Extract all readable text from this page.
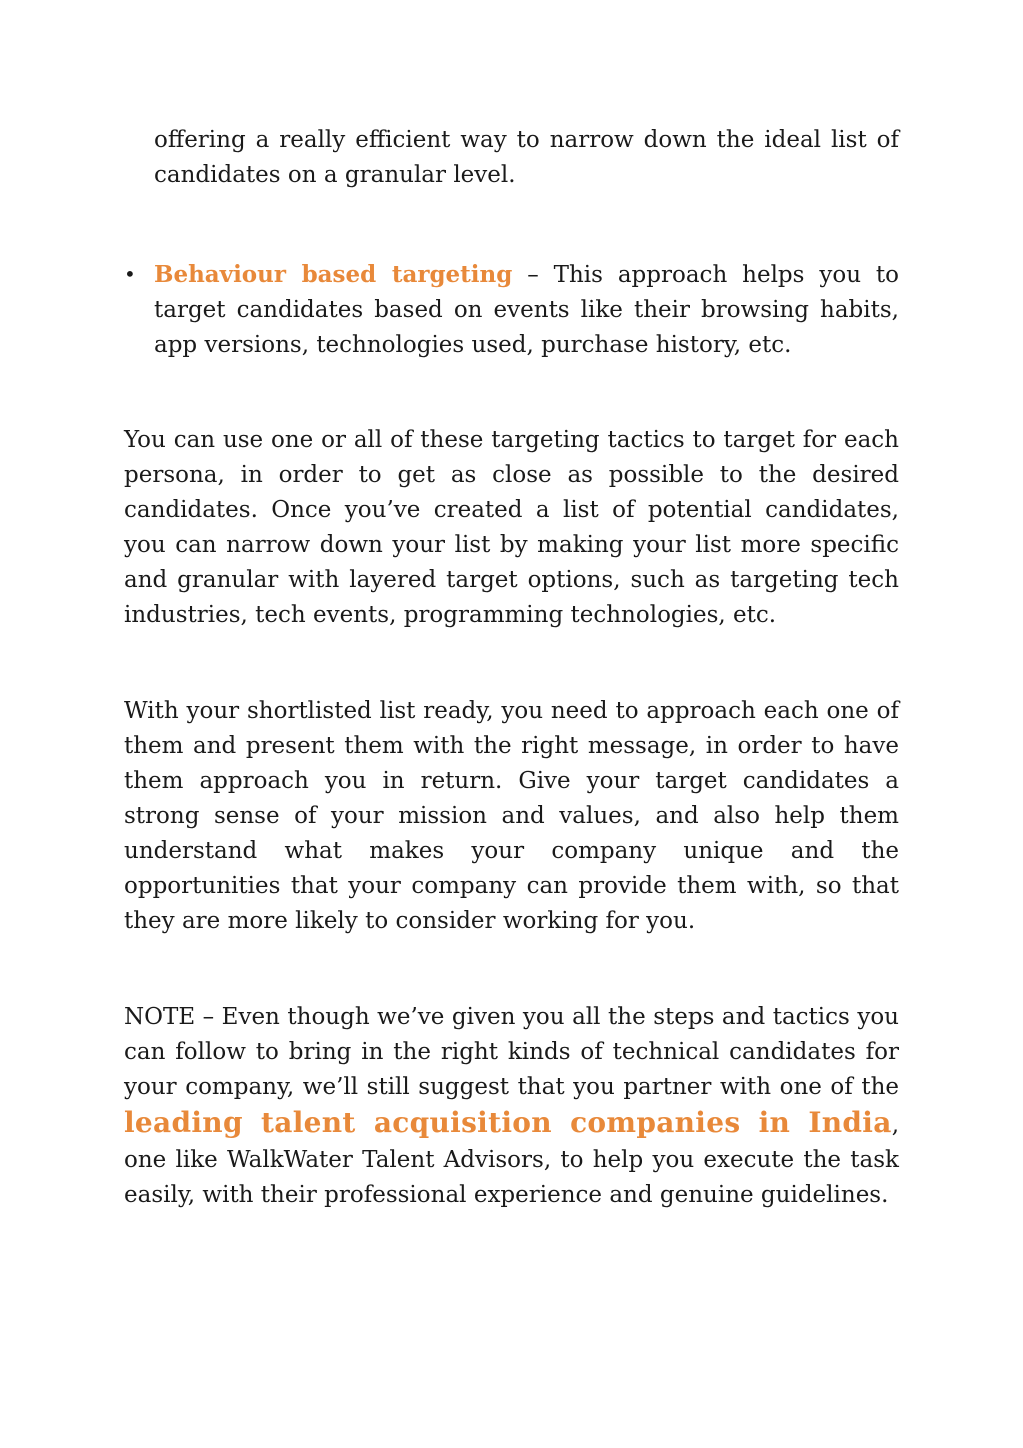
offering a really efficient way to narrow down the ideal list of candidates on a granular level.

• Behaviour based targeting – This approach helps you to target candidates based on events like their browsing habits, app versions, technologies used, purchase history, etc.

You can use one or all of these targeting tactics to target for each persona, in order to get as close as possible to the desired candidates. Once you’ve created a list of potential candidates, you can narrow down your list by making your list more specific and granular with layered target options, such as targeting tech industries, tech events, programming technologies, etc.

With your shortlisted list ready, you need to approach each one of them and present them with the right message, in order to have them approach you in return. Give your target candidates a strong sense of your mission and values, and also help them understand what makes your company unique and the opportunities that your company can provide them with, so that they are more likely to consider working for you.

NOTE – Even though we’ve given you all the steps and tactics you can follow to bring in the right kinds of technical candidates for your company, we’ll still suggest that you partner with one of the leading talent acquisition companies in India, one like WalkWater Talent Advisors, to help you execute the task easily, with their professional experience and genuine guidelines.
